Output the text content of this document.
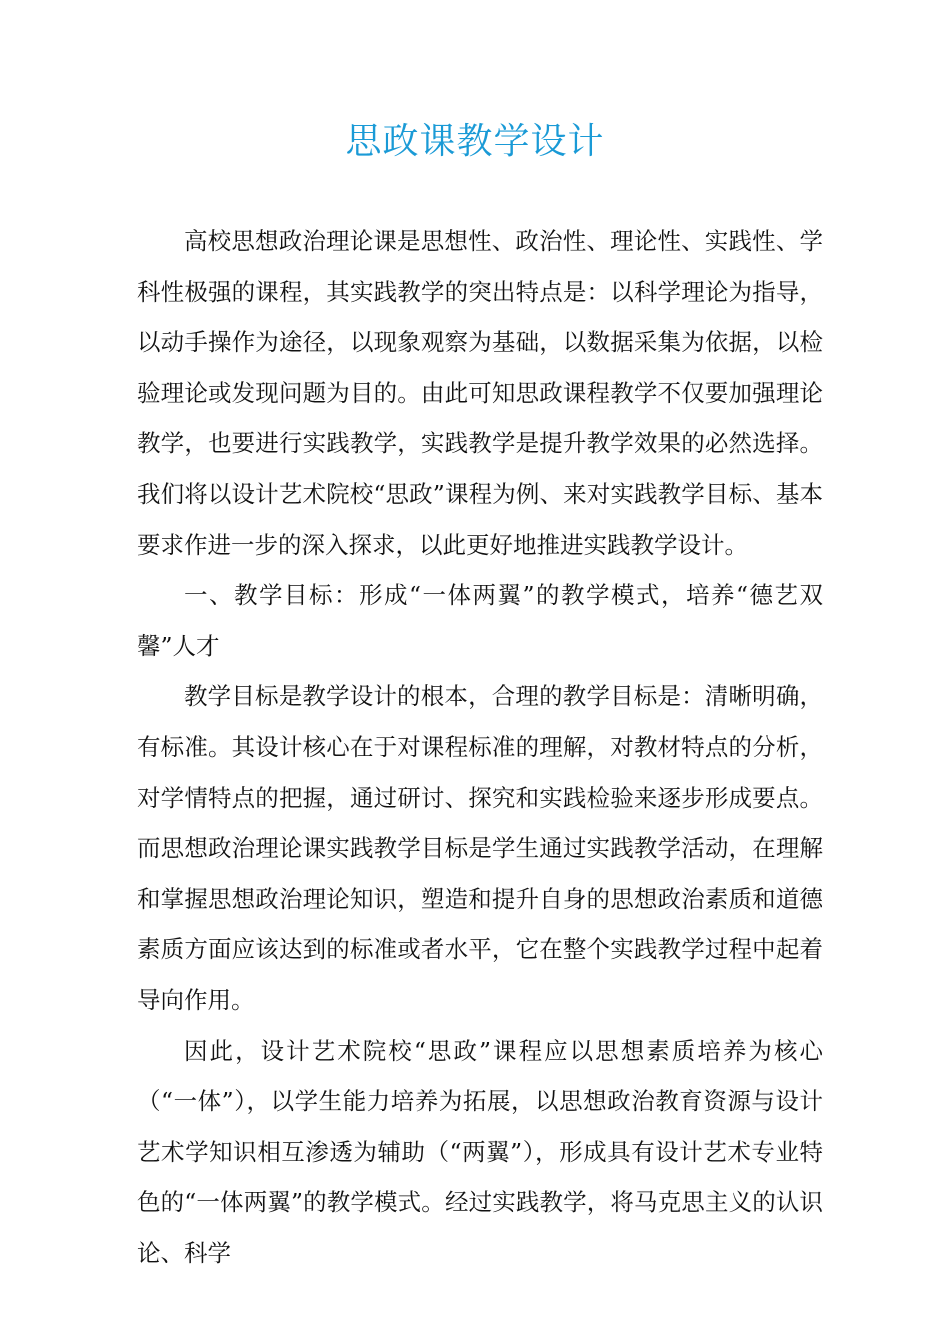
思政课教学设计

高校思想政治理论课是思想性、政治性、理论性、实践性、学科性极强的课程，其实践教学的突出特点是：以科学理论为指导，以动手操作为途径，以现象观察为基础，以数据采集为依据，以检验理论或发现问题为目的。由此可知思政课程教学不仅要加强理论教学，也要进行实践教学，实践教学是提升教学效果的必然选择。我们将以设计艺术院校“思政”课程为例、来对实践教学目标、基本要求作进一步的深入探求，以此更好地推进实践教学设计。

一、教学目标：形成“一体两翼”的教学模式，培养“德艺双馨”人才

教学目标是教学设计的根本，合理的教学目标是：清晰明确，有标准。其设计核心在于对课程标准的理解，对教材特点的分析，对学情特点的把握，通过研讨、探究和实践检验来逐步形成要点。而思想政治理论课实践教学目标是学生通过实践教学活动，在理解和掌握思想政治理论知识，塑造和提升自身的思想政治素质和道德素质方面应该达到的标准或者水平，它在整个实践教学过程中起着导向作用。

因此，设计艺术院校“思政”课程应以思想素质培养为核心（“一体”），以学生能力培养为拓展，以思想政治教育资源与设计艺术学知识相互渗透为辅助（“两翼”），形成具有设计艺术专业特色的“一体两翼”的教学模式。经过实践教学，将马克思主义的认识论、科学
